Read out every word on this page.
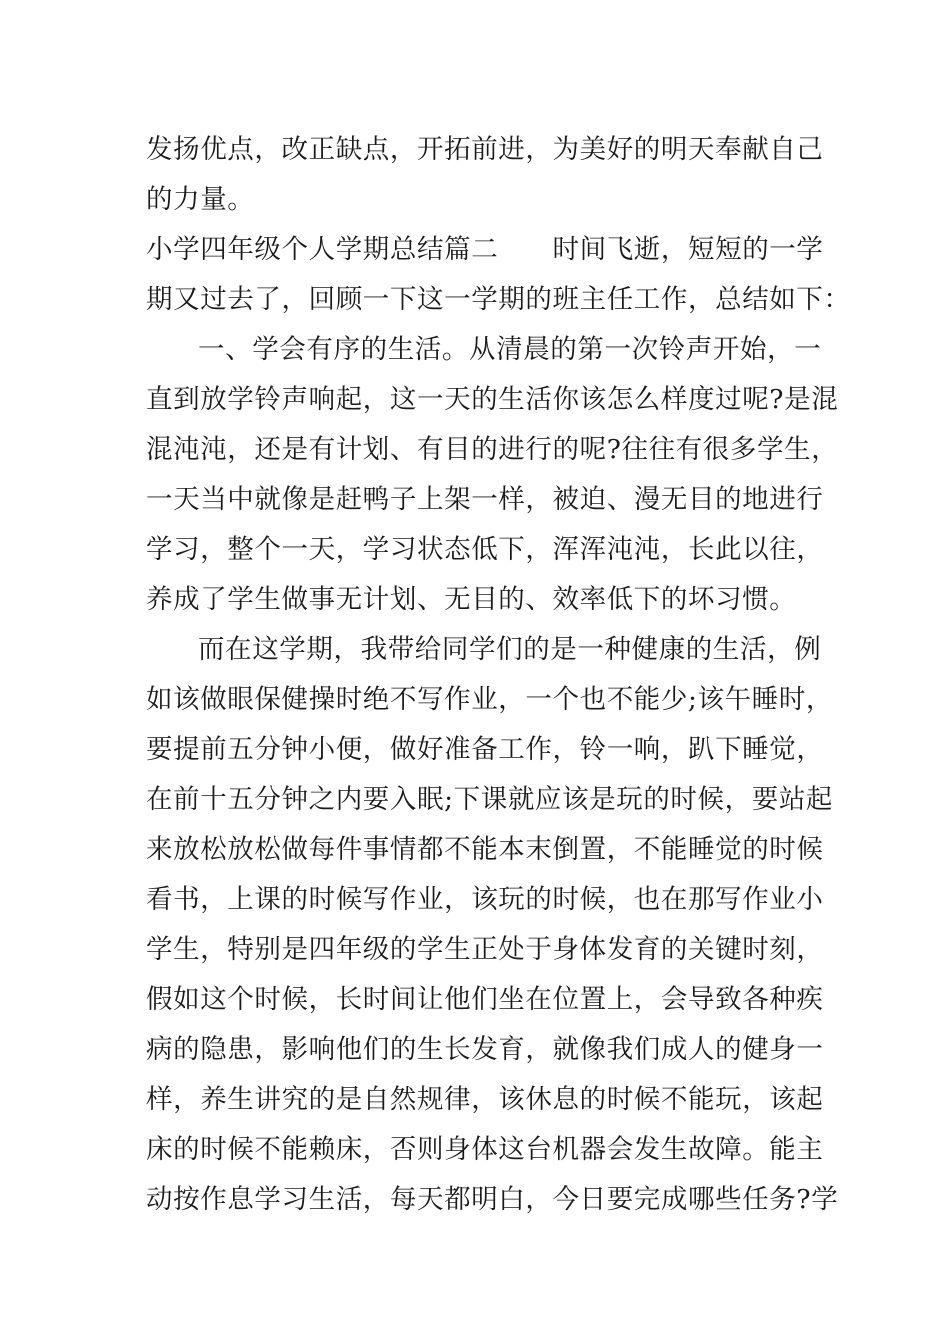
发扬优点，改正缺点，开拓前进，为美好的明天奉献自己
的力量。
小学四年级个人学期总结篇二　　时间飞逝，短短的一学
期又过去了，回顾一下这一学期的班主任工作，总结如下：
一、学会有序的生活。从清晨的第一次铃声开始，一
直到放学铃声响起，这一天的生活你该怎么样度过呢?是混
混沌沌，还是有计划、有目的进行的呢?往往有很多学生，
一天当中就像是赶鸭子上架一样，被迫、漫无目的地进行
学习，整个一天，学习状态低下，浑浑沌沌，长此以往，
养成了学生做事无计划、无目的、效率低下的坏习惯。
而在这学期，我带给同学们的是一种健康的生活，例
如该做眼保健操时绝不写作业，一个也不能少;该午睡时，
要提前五分钟小便，做好准备工作，铃一响，趴下睡觉，
在前十五分钟之内要入眠;下课就应该是玩的时候，要站起
来放松放松做每件事情都不能本末倒置，不能睡觉的时候
看书，上课的时候写作业，该玩的时候，也在那写作业小
学生，特别是四年级的学生正处于身体发育的关键时刻，
假如这个时候，长时间让他们坐在位置上，会导致各种疾
病的隐患，影响他们的生长发育，就像我们成人的健身一
样，养生讲究的是自然规律，该休息的时候不能玩，该起
床的时候不能赖床，否则身体这台机器会发生故障。能主
动按作息学习生活，每天都明白，今日要完成哪些任务?学
